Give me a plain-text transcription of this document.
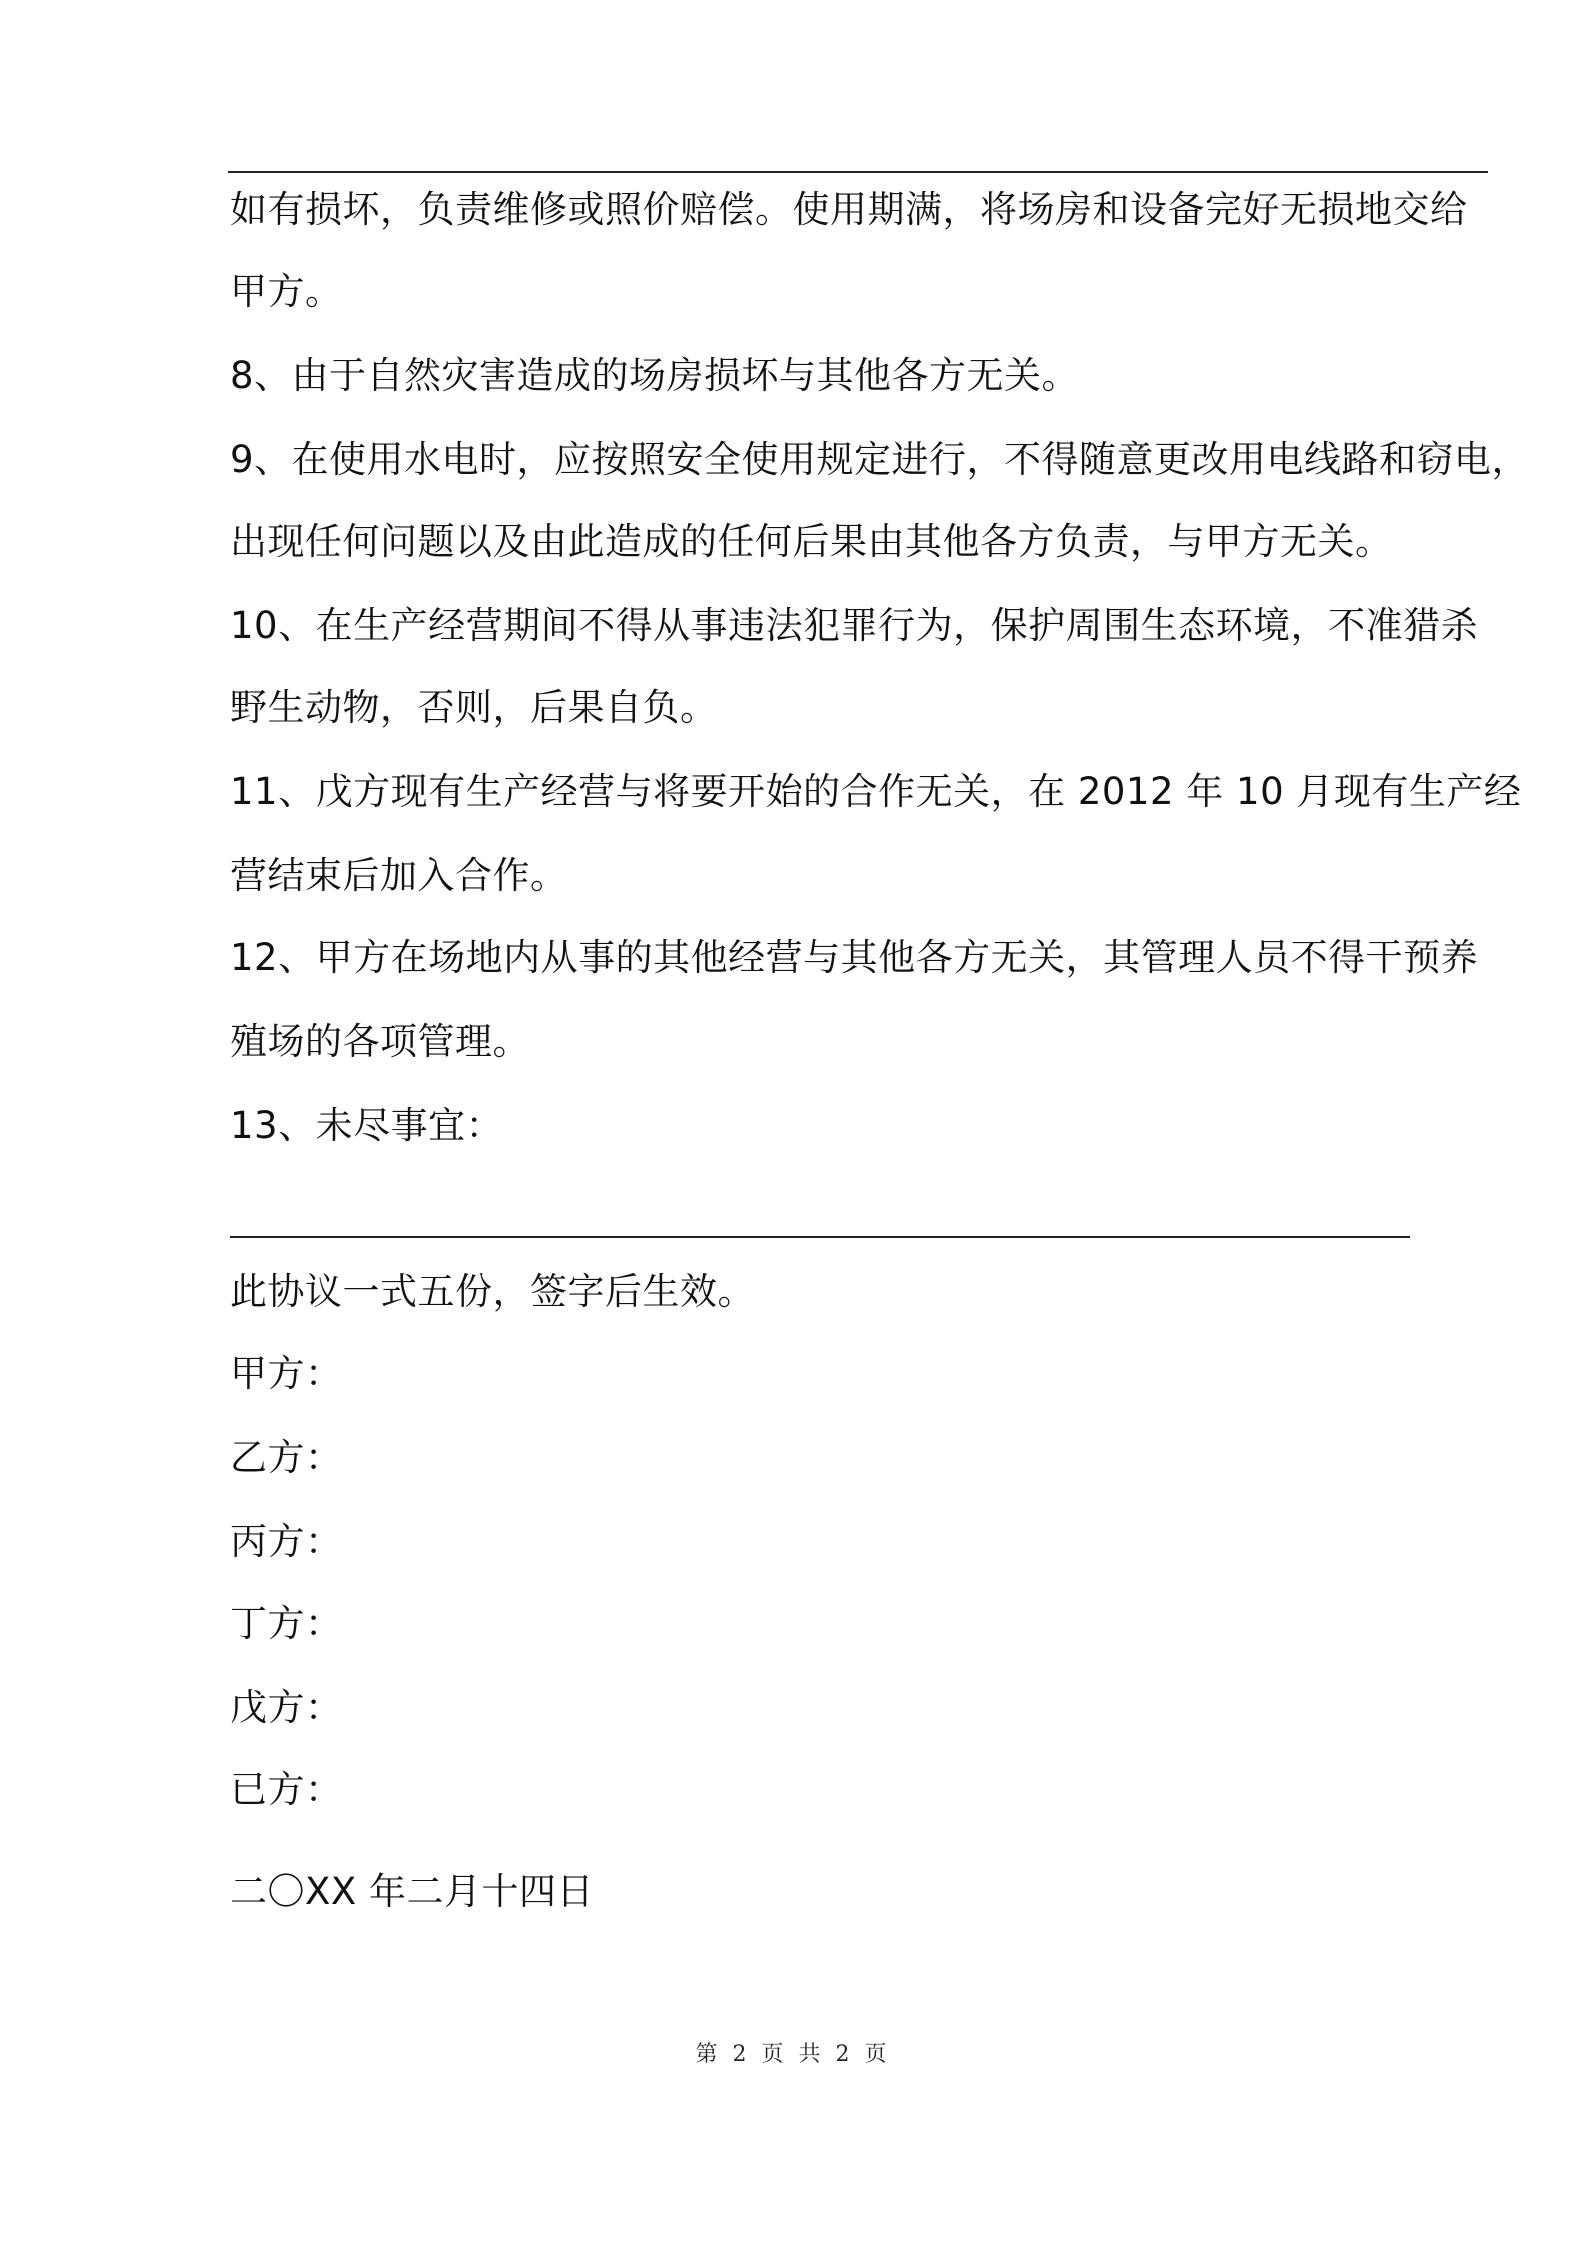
如有损坏，负责维修或照价赔偿。使用期满，将场房和设备完好无损地交给
甲方。
8、由于自然灾害造成的场房损坏与其他各方无关。
9、在使用水电时，应按照安全使用规定进行，不得随意更改用电线路和窃电，
出现任何问题以及由此造成的任何后果由其他各方负责，与甲方无关。
10、在生产经营期间不得从事违法犯罪行为，保护周围生态环境，不准猎杀
野生动物，否则，后果自负。
11、戊方现有生产经营与将要开始的合作无关，在 2012 年 10 月现有生产经
营结束后加入合作。
12、甲方在场地内从事的其他经营与其他各方无关，其管理人员不得干预养
殖场的各项管理。
13、未尽事宜：
此协议一式五份，签字后生效。
甲方：
乙方：
丙方：
丁方：
戊方：
已方：
二〇XX 年二月十四日
第 2 页 共 2 页
